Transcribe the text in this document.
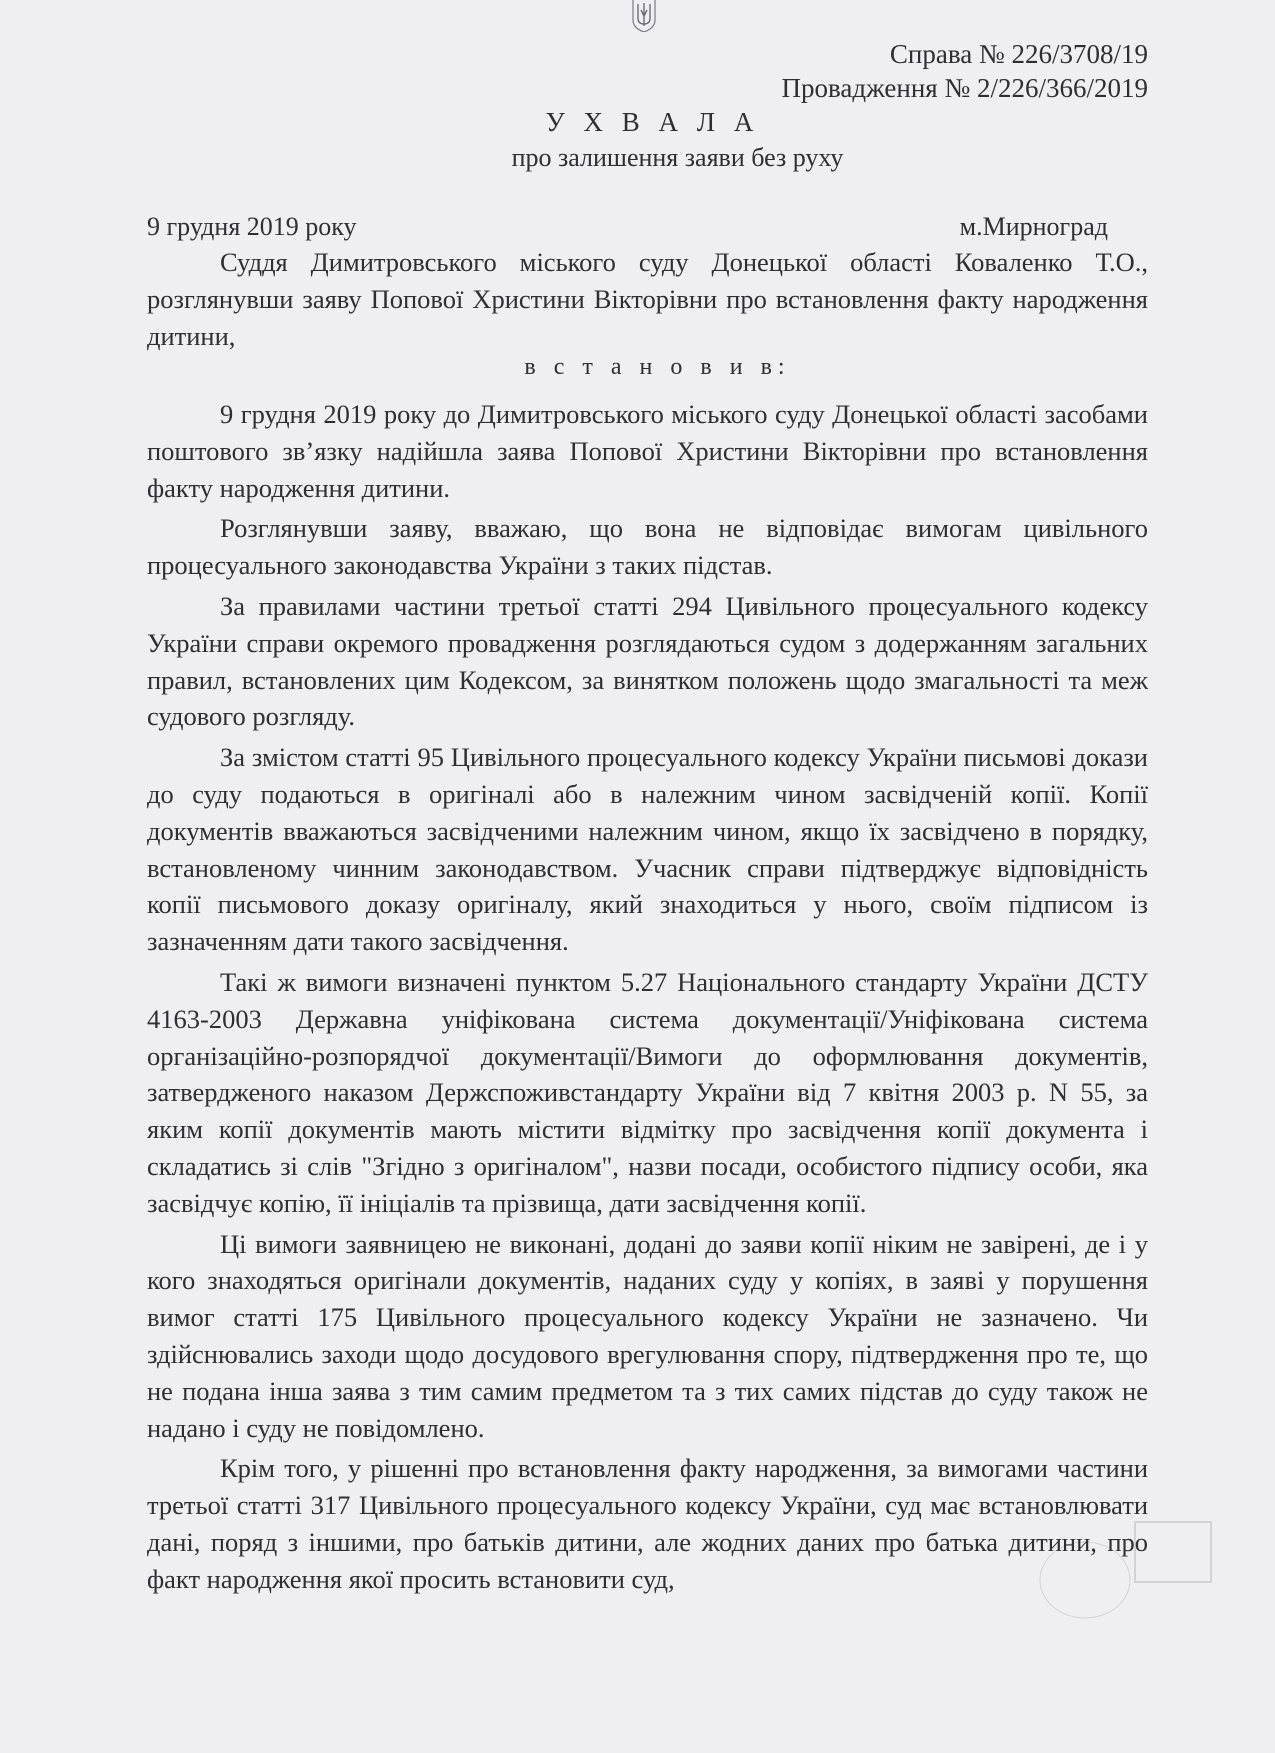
Справа № 226/3708/19
Провадження № 2/226/366/2019
У Х В А Л А
про залишення заяви без руху
9 грудня 2019 року	м.Мирноград

Суддя Димитровського міського суду Донецької області Коваленко Т.О., розглянувши заяву Попової Христини Вікторівни про встановлення факту народження дитини,

в с т а н о в и в:

9 грудня 2019 року до Димитровського міського суду Донецької області засобами поштового зв’язку надійшла заява Попової Христини Вікторівни про встановлення факту народження дитини.

Розглянувши заяву, вважаю, що вона не відповідає вимогам цивільного процесуального законодавства України з таких підстав.

За правилами частини третьої статті 294 Цивільного процесуального кодексу України справи окремого провадження розглядаються судом з додержанням загальних правил, встановлених цим Кодексом, за винятком положень щодо змагальності та меж судового розгляду.

За змістом статті 95 Цивільного процесуального кодексу України письмові докази до суду подаються в оригіналі або в належним чином засвідченій копії. Копії документів вважаються засвідченими належним чином, якщо їх засвідчено в порядку, встановленому чинним законодавством. Учасник справи підтверджує відповідність копії письмового доказу оригіналу, який знаходиться у нього, своїм підписом із зазначенням дати такого засвідчення.

Такі ж вимоги визначені пунктом 5.27 Національного стандарту України ДСТУ 4163-2003 Державна уніфікована система документації/Уніфікована система організаційно-розпорядчої документації/Вимоги до оформлювання документів, затвердженого наказом Держспоживстандарту України від 7 квітня 2003 р. N 55, за яким копії документів мають містити відмітку про засвідчення копії документа і складатись зі слів "Згідно з оригіналом", назви посади, особистого підпису особи, яка засвідчує копію, її ініціалів та прізвища, дати засвідчення копії.

Ці вимоги заявницею не виконані, додані до заяви копії ніким не завірені, де і у кого знаходяться оригінали документів, наданих суду у копіях, в заяві у порушення вимог статті 175 Цивільного процесуального кодексу України не зазначено. Чи здійснювались заходи щодо досудового врегулювання спору, підтвердження про те, що не подана інша заява з тим самим предметом та з тих самих підстав до суду також не надано і суду не повідомлено.

Крім того, у рішенні про встановлення факту народження, за вимогами частини третьої статті 317 Цивільного процесуального кодексу України, суд має встановлювати дані, поряд з іншими, про батьків дитини, але жодних даних про батька дитини, про факт народження якої просить встановити суд,
